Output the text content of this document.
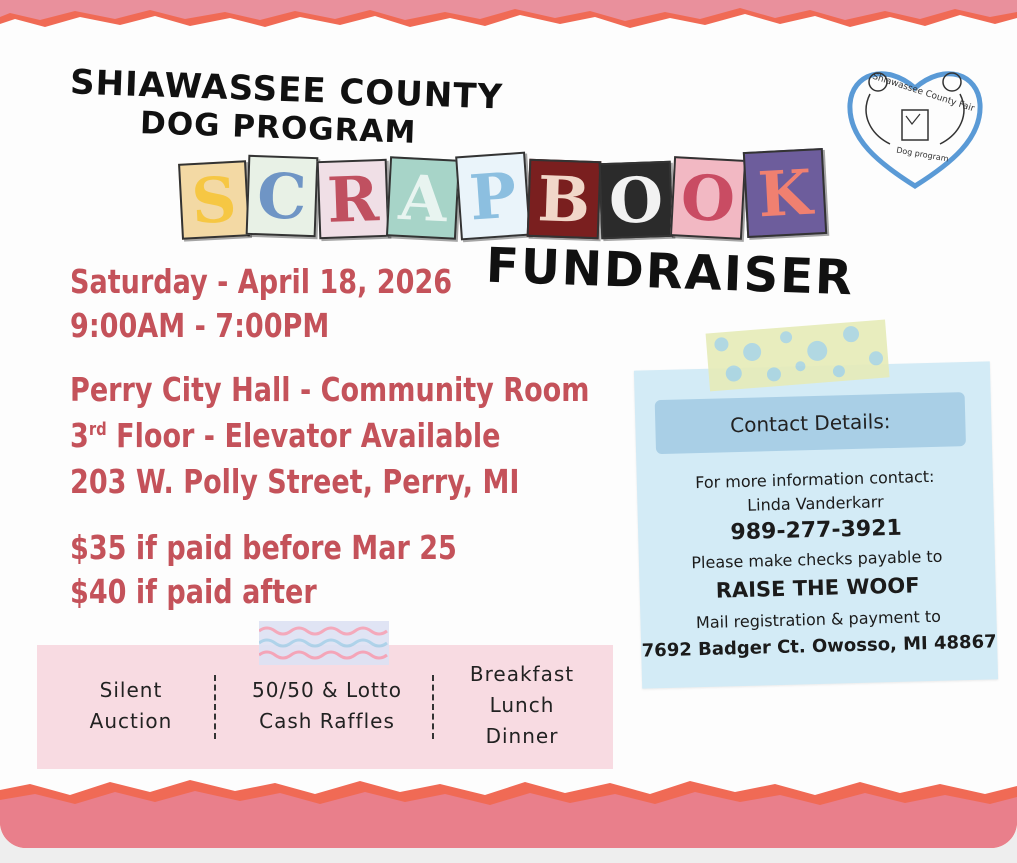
SHIAWASSEE COUNTY
DOG PROGRAM
S C R A P B O O K
FUNDRAISER
Shiawassee County Fair
Dog program
Saturday - April 18, 2026
9:00AM - 7:00PM
Perry City Hall - Community Room
3rd Floor - Elevator Available
203 W. Polly Street, Perry, MI
$35 if paid before Mar 25
$40 if paid after
Contact Details:
For more information contact:
Linda Vanderkarr
989-277-3921
Please make checks payable to
RAISE THE WOOF
Mail registration & payment to
7692 Badger Ct. Owosso, MI 48867
Silent
Auction
50/50 & Lotto
Cash Raffles
Breakfast
Lunch
Dinner
